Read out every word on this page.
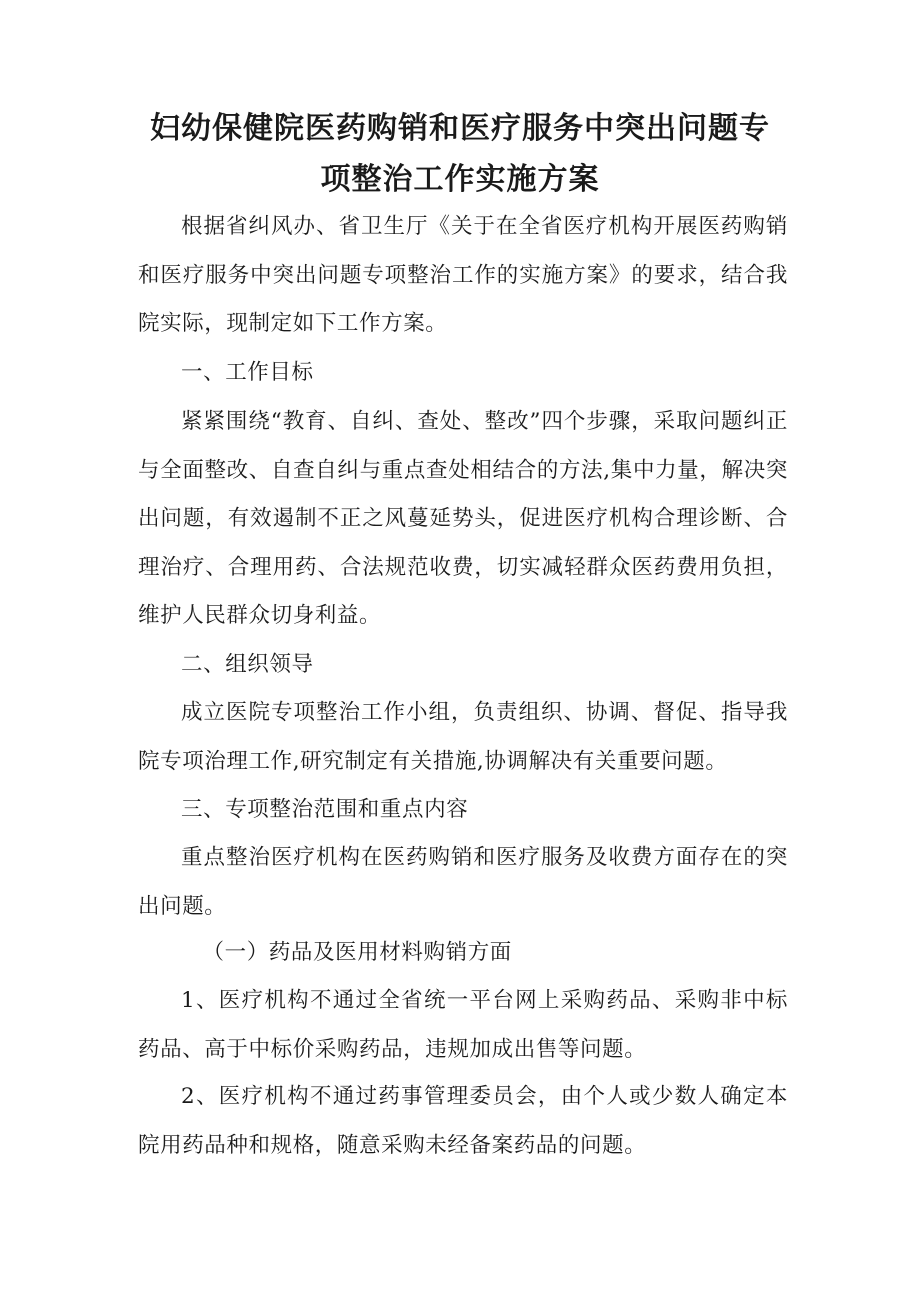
妇幼保健院医药购销和医疗服务中突出问题专
项整治工作实施方案

根据省纠风办、省卫生厅《关于在全省医疗机构开展医药购销和医疗服务中突出问题专项整治工作的实施方案》的要求，结合我院实际，现制定如下工作方案。

一、工作目标

紧紧围绕“教育、自纠、查处、整改”四个步骤，采取问题纠正与全面整改、自查自纠与重点查处相结合的方法,集中力量，解决突出问题，有效遏制不正之风蔓延势头，促进医疗机构合理诊断、合理治疗、合理用药、合法规范收费，切实减轻群众医药费用负担，维护人民群众切身利益。

二、组织领导

成立医院专项整治工作小组，负责组织、协调、督促、指导我院专项治理工作,研究制定有关措施,协调解决有关重要问题。

三、专项整治范围和重点内容

重点整治医疗机构在医药购销和医疗服务及收费方面存在的突出问题。

（一）药品及医用材料购销方面

1、医疗机构不通过全省统一平台网上采购药品、采购非中标药品、高于中标价采购药品，违规加成出售等问题。

2、医疗机构不通过药事管理委员会，由个人或少数人确定本院用药品种和规格，随意采购未经备案药品的问题。
